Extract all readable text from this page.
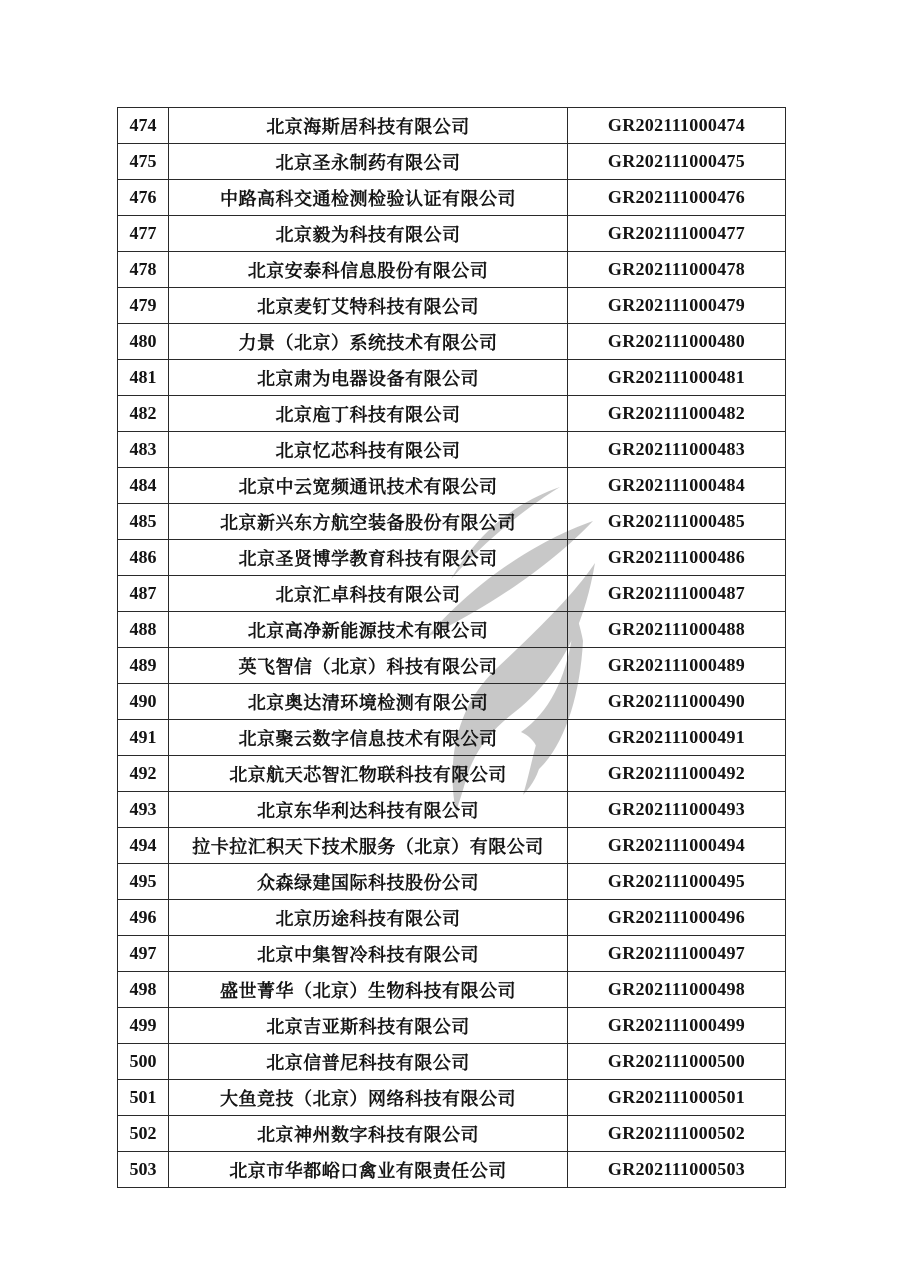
474	北京海斯居科技有限公司	GR202111000474
475	北京圣永制药有限公司	GR202111000475
476	中路高科交通检测检验认证有限公司	GR202111000476
477	北京毅为科技有限公司	GR202111000477
478	北京安泰科信息股份有限公司	GR202111000478
479	北京麦钉艾特科技有限公司	GR202111000479
480	力景（北京）系统技术有限公司	GR202111000480
481	北京肃为电器设备有限公司	GR202111000481
482	北京庖丁科技有限公司	GR202111000482
483	北京忆芯科技有限公司	GR202111000483
484	北京中云宽频通讯技术有限公司	GR202111000484
485	北京新兴东方航空装备股份有限公司	GR202111000485
486	北京圣贤博学教育科技有限公司	GR202111000486
487	北京汇卓科技有限公司	GR202111000487
488	北京高净新能源技术有限公司	GR202111000488
489	英飞智信（北京）科技有限公司	GR202111000489
490	北京奥达清环境检测有限公司	GR202111000490
491	北京聚云数字信息技术有限公司	GR202111000491
492	北京航天芯智汇物联科技有限公司	GR202111000492
493	北京东华利达科技有限公司	GR202111000493
494	拉卡拉汇积天下技术服务（北京）有限公司	GR202111000494
495	众森绿建国际科技股份公司	GR202111000495
496	北京历途科技有限公司	GR202111000496
497	北京中集智冷科技有限公司	GR202111000497
498	盛世菁华（北京）生物科技有限公司	GR202111000498
499	北京吉亚斯科技有限公司	GR202111000499
500	北京信普尼科技有限公司	GR202111000500
501	大鱼竞技（北京）网络科技有限公司	GR202111000501
502	北京神州数字科技有限公司	GR202111000502
503	北京市华都峪口禽业有限责任公司	GR202111000503
